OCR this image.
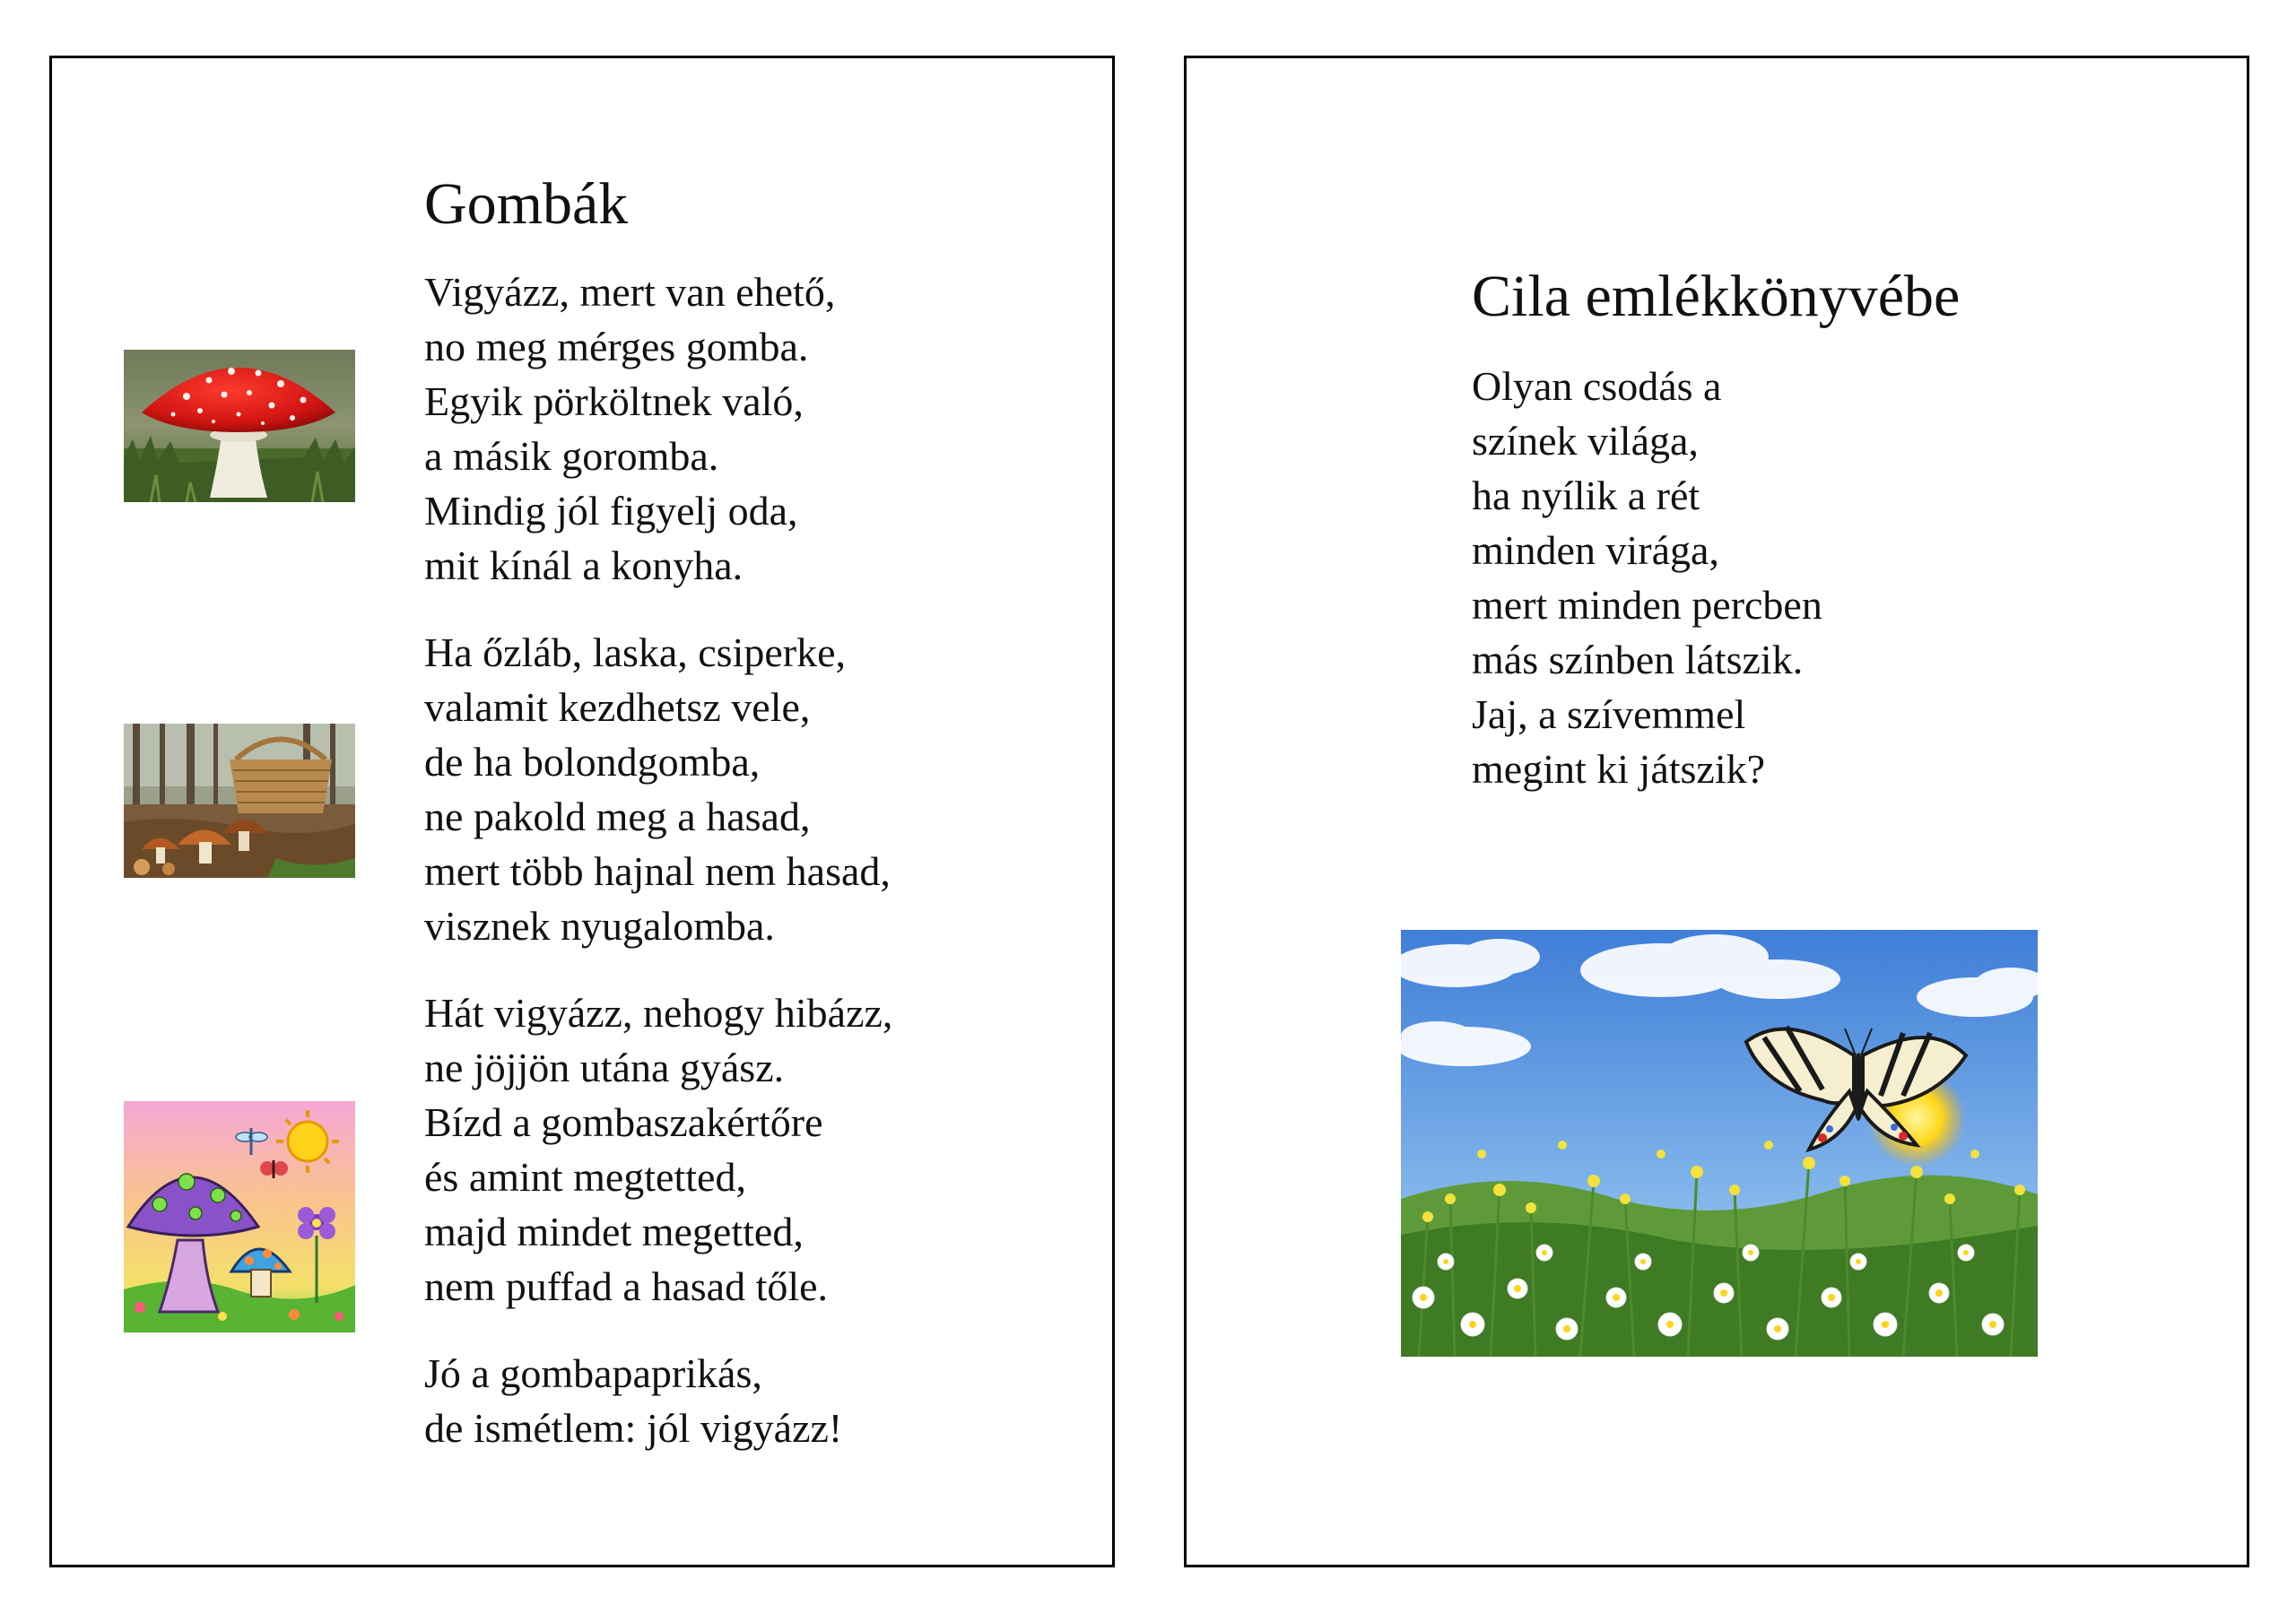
Gombák
Vigyázz, mert van ehető,
no meg mérges gomba.
Egyik pörköltnek való,
a másik goromba.
Mindig jól figyelj oda,
mit kínál a konyha.
Ha őzláb, laska, csiperke,
valamit kezdhetsz vele,
de ha bolondgomba,
ne pakold meg a hasad,
mert több hajnal nem hasad,
visznek nyugalomba.
Hát vigyázz, nehogy hibázz,
ne jöjjön utána gyász.
Bízd a gombaszakértőre
és amint megtetted,
majd mindet megetted,
nem puffad a hasad tőle.
Jó a gombapaprikás,
de ismétlem: jól vigyázz!
Cila emlékkönyvébe
Olyan csodás a
színek világa,
ha nyílik a rét
minden virága,
mert minden percben
más színben látszik.
Jaj, a szívemmel
megint ki játszik?
